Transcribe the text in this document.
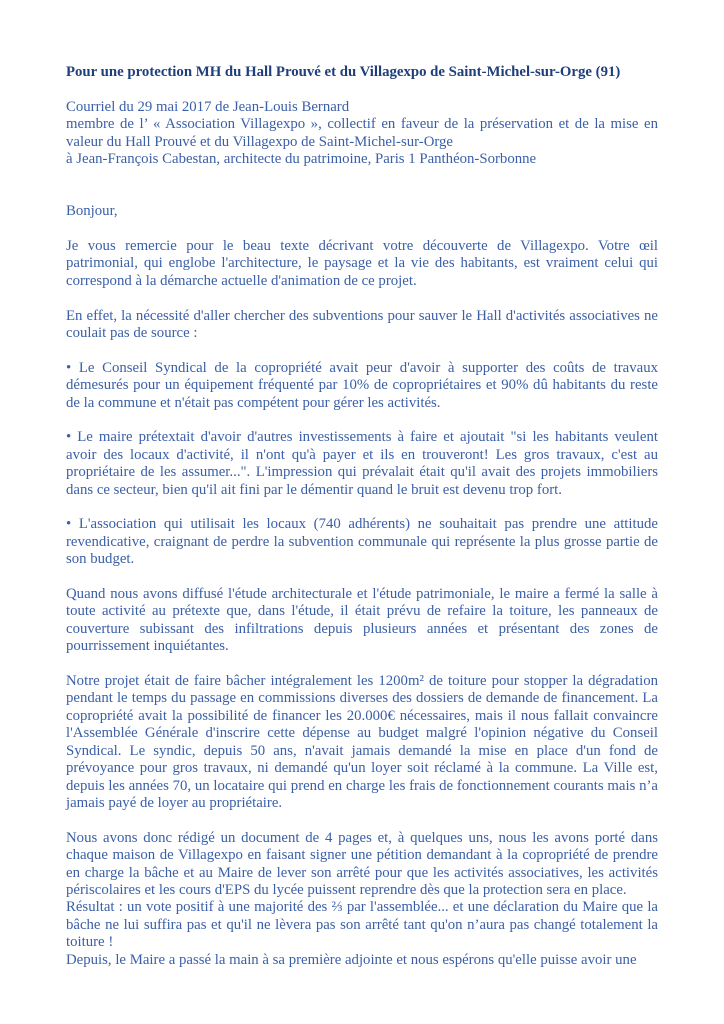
Pour une protection MH du Hall Prouvé et du Villagexpo de Saint-Michel-sur-Orge (91)

Courriel du 29 mai 2017 de Jean-Louis Bernard

membre de l’ « Association Villagexpo », collectif en faveur de la préservation et de la mise en valeur du Hall Prouvé et du Villagexpo de Saint-Michel-sur-Orge

à Jean-François Cabestan, architecte du patrimoine, Paris 1 Panthéon-Sorbonne

Bonjour,

Je vous remercie pour le beau texte décrivant votre découverte de Villagexpo. Votre œil patrimonial, qui englobe l'architecture, le paysage et la vie des habitants, est vraiment celui qui correspond à la démarche actuelle d'animation de ce projet.

En effet, la nécessité d'aller chercher des subventions pour sauver le Hall d'activités associatives ne coulait pas de source :

• Le Conseil Syndical de la copropriété avait peur d'avoir à supporter des coûts de travaux démesurés pour un équipement fréquenté par 10% de copropriétaires et 90% dû habitants du reste de la commune et n'était pas compétent pour gérer les activités.

• Le maire prétextait d'avoir d'autres investissements à faire et ajoutait "si les habitants veulent avoir des locaux d'activité, il n'ont qu'à payer et ils en trouveront! Les gros travaux, c'est au propriétaire de les assumer...". L'impression qui prévalait était qu'il avait des projets immobiliers dans ce secteur, bien qu'il ait fini par le démentir quand le bruit est devenu trop fort.

• L'association qui utilisait les locaux (740 adhérents) ne souhaitait pas prendre une attitude revendicative, craignant de perdre la subvention communale qui représente la plus grosse partie de son budget.

Quand nous avons diffusé l'étude architecturale et l'étude patrimoniale, le maire a fermé la salle à toute activité au prétexte que, dans l'étude, il était prévu de refaire la toiture, les panneaux de couverture subissant des infiltrations depuis plusieurs années et présentant des zones de pourrissement inquiétantes.

Notre projet était de faire bâcher intégralement les 1200m² de toiture pour stopper la dégradation pendant le temps du passage en commissions diverses des dossiers de demande de financement. La copropriété avait la possibilité de financer les 20.000€ nécessaires, mais il nous fallait convaincre l'Assemblée Générale d'inscrire cette dépense au budget malgré l'opinion négative du Conseil Syndical. Le syndic, depuis 50 ans, n'avait jamais demandé la mise en place d'un fond de prévoyance pour gros travaux, ni demandé qu'un loyer soit réclamé à la commune. La Ville est, depuis les années 70, un locataire qui prend en charge les frais de fonctionnement courants mais n’a jamais payé de loyer au propriétaire.

Nous avons donc rédigé un document de 4 pages et, à quelques uns, nous les avons porté dans chaque maison de Villagexpo en faisant signer une pétition demandant à la copropriété de prendre en charge la bâche et au Maire de lever son arrêté pour que les activités associatives, les activités périscolaires et les cours d'EPS du lycée puissent reprendre dès que la protection sera en place.

Résultat : un vote positif à une majorité des ⅔ par l'assemblée... et une déclaration du Maire que la bâche ne lui suffira pas et qu'il ne lèvera pas son arrêté tant qu'on n’aura pas changé totalement la toiture !

Depuis, le Maire a passé la main à sa première adjointe et nous espérons qu'elle puisse avoir une
